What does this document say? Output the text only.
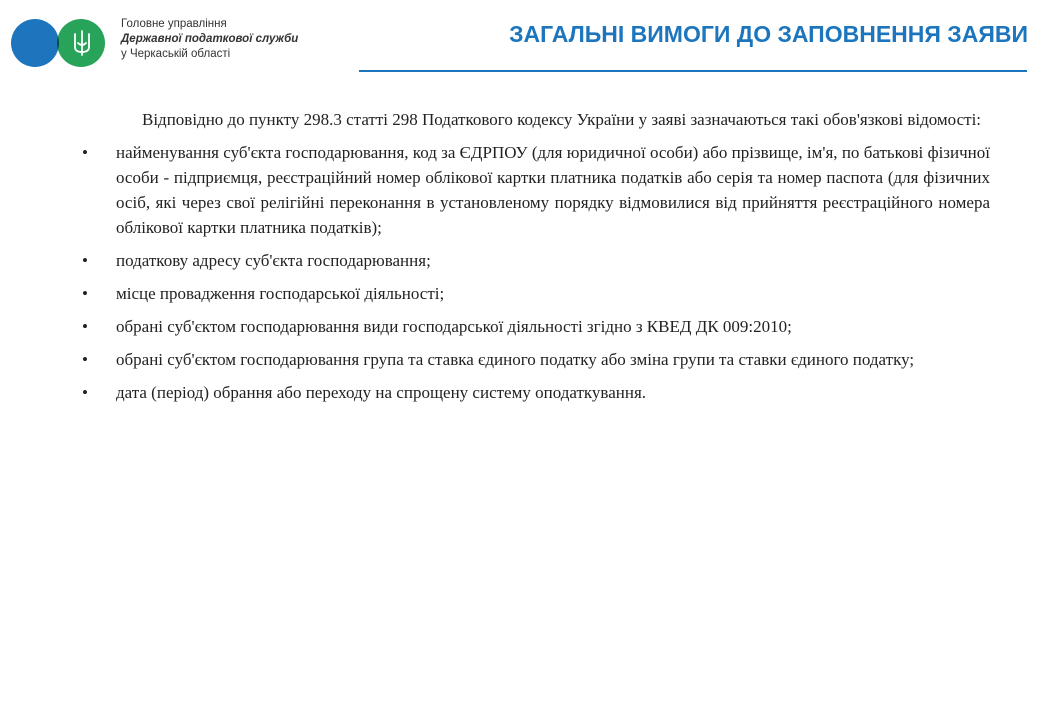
Головне управління
Державної податкової служби
у Черкаській області
ЗАГАЛЬНІ ВИМОГИ ДО ЗАПОВНЕННЯ ЗАЯВИ

Відповідно до пункту 298.3 статті 298 Податкового кодексу України у заяві зазначаються такі обов'язкові відомості:

• найменування суб'єкта господарювання, код за ЄДРПОУ (для юридичної особи) або прізвище, ім'я, по батькові фізичної особи - підприємця, реєстраційний номер облікової картки платника податків або серія та номер паспота (для фізичних осіб, які через свої релігійні переконання в установленому порядку відмовилися від прийняття реєстраційного номера облікової картки платника податків);
• податкову адресу суб'єкта господарювання;
• місце провадження господарської діяльності;
• обрані суб'єктом господарювання види господарської діяльності згідно з КВЕД ДК 009:2010;
• обрані суб'єктом господарювання група та ставка єдиного податку або зміна групи та ставки єдиного податку;
• дата (період) обрання або переходу на спрощену систему оподаткування.
